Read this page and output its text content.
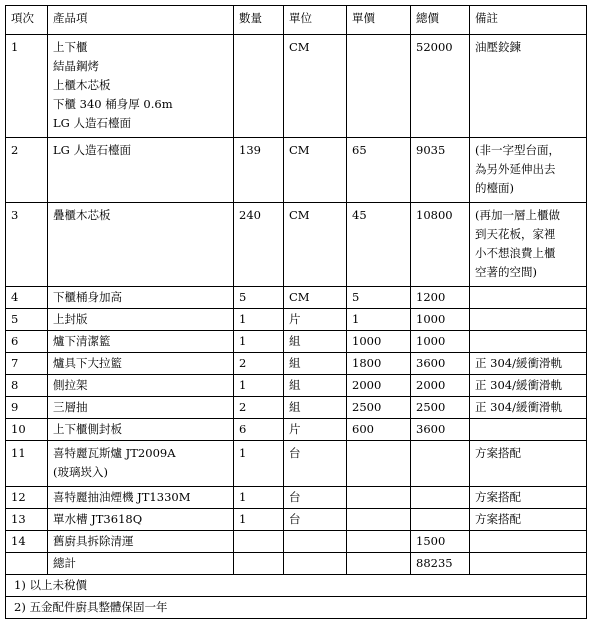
項次	產品項	數量	單位	單價	總價	備註
1	上下櫃
結晶鋼烤
上櫃木芯板
下櫃 340 桶身厚 0.6m
LG 人造石檯面		CM		52000	油壓鉸鍊

2	LG 人造石檯面	139	CM	65	9035	(非一字型台面，
為另外延伸出去
的檯面)

3	疊櫃木芯板	240	CM	45	10800	(再加一層上櫃做
到天花板，家裡
小不想浪費上櫃
空著的空間)

4	下櫃桶身加高	5	CM	5	1200	
5	上封版	1	片	1	1000	
6	爐下清潔籃	1	組	1000	1000	
7	爐具下大拉籃	2	組	1800	3600	正 304/緩衝滑軌

8	側拉架	1	組	2000	2000	正 304/緩衝滑軌

9	三層抽	2	組	2500	2500	正 304/緩衝滑軌

10	上下櫃側封板	6	片	600	3600	
11	喜特麗瓦斯爐 JT2009A
(玻璃崁入)	1	台			方案搭配

12	喜特麗抽油煙機 JT1330M	1	台			方案搭配

13	單水槽 JT3618Q	1	台			方案搭配

14	舊廚具拆除清運				1500	
	總計				88235	
1) 以上未稅價						
2) 五金配件廚具整體保固一年						
